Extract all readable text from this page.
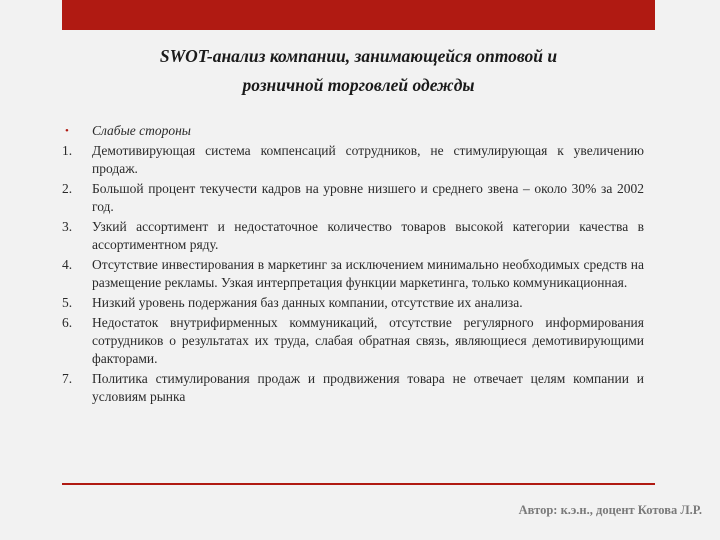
SWOT-анализ компании, занимающейся оптовой и
розничной торговлей одежды
• Слабые стороны
1. Демотивирующая система компенсаций сотрудников, не стимулирующая к увеличению продаж.
2. Большой процент текучести кадров на уровне низшего и среднего звена – около 30% за 2002 год.
3. Узкий ассортимент и недостаточное количество товаров высокой категории качества в ассортиментном ряду.
4. Отсутствие инвестирования в маркетинг за исключением минимально необходимых средств на размещение рекламы. Узкая интерпретация функции маркетинга, только коммуникационная.
5. Низкий уровень подержания баз данных компании, отсутствие их анализа.
6. Недостаток внутрифирменных коммуникаций, отсутствие регулярного информирования сотрудников о результатах их труда, слабая обратная связь, являющиеся демотивирующими факторами.
7. Политика стимулирования продаж и продвижения товара не отвечает целям компании и условиям рынка
Автор: к.э.н., доцент Котова Л.Р.
